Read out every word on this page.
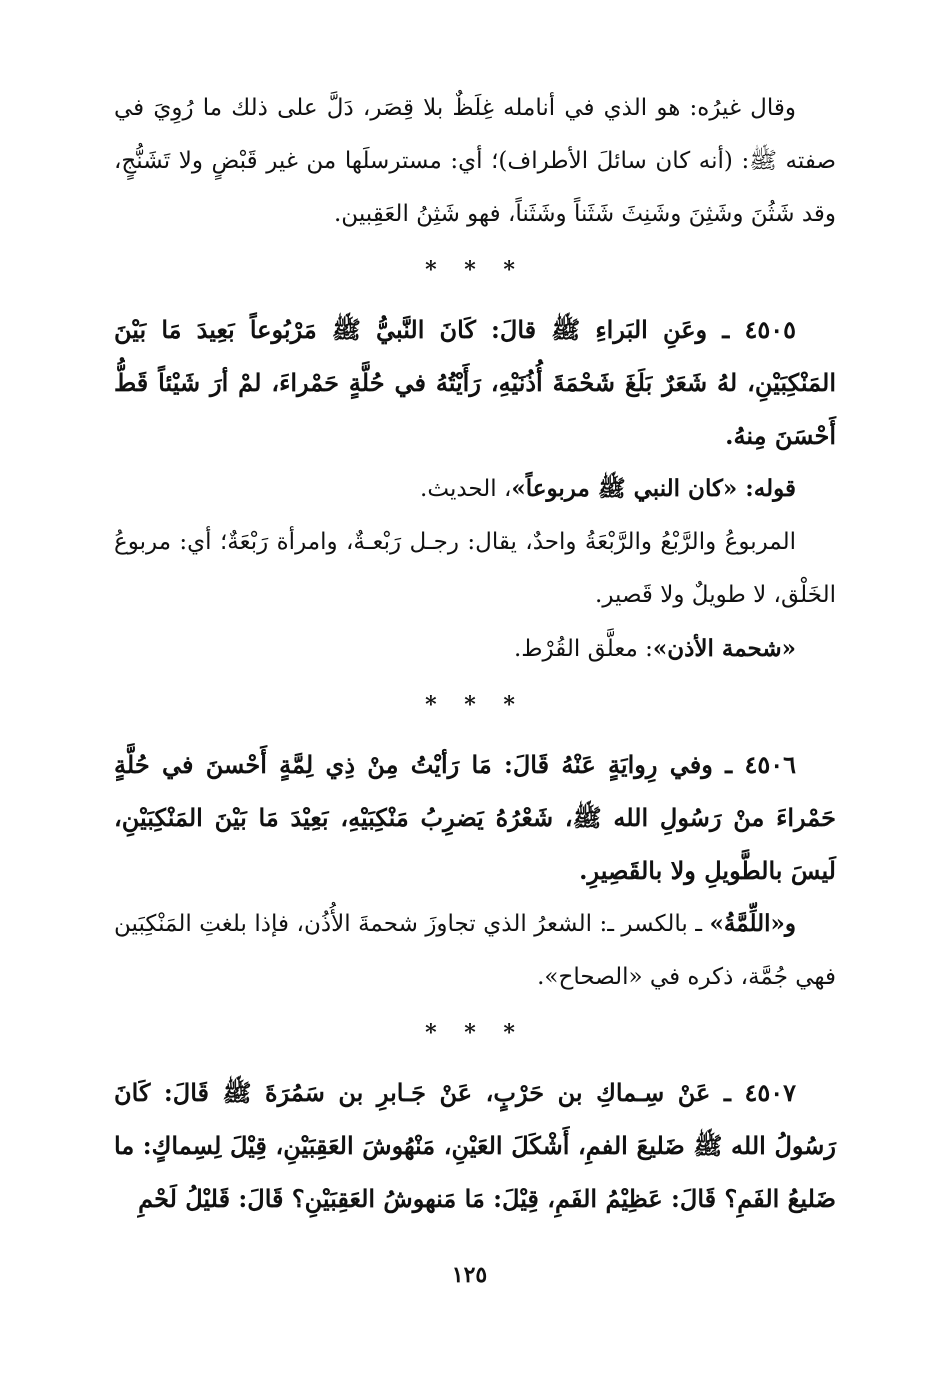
وقال غيرُه: هو الذي في أنامله غِلَظٌ بلا قِصَر، دَلَّ على ذلك ما رُوِيَ في صفته ﷺ: (أنه كان سائلَ الأطراف)؛ أي: مسترسلَها من غير قَبْضٍ ولا تَشَنُّجٍ، وقد شَثُنَ وشَثِنَ وشَنِثَ شَثَناً وشَثَناً، فهو شَثِنُ العَقِبين.

* * *

٤٥٠٥ ـ وعَنِ البَراءِ ﷺ قالَ: كَانَ النَّبيُّ ﷺ مَرْبُوعاً بَعِيدَ مَا بَيْنَ المَنْكِبَيْنِ، لهُ شَعَرٌ بَلَغَ شَحْمَةَ أُذُنَيْهِ، رَأَيْتُهُ في حُلَّةٍ حَمْراءَ، لمْ أرَ شَيْئاً قَطُّ أَحْسَنَ مِنهُ.

قوله: «كان النبي ﷺ مربوعاً»، الحديث.

المربوعُ والرَّبْعُ والرَّبْعَةُ واحدٌ، يقال: رجـل رَبْعـةٌ، وامرأة رَبْعَةٌ؛ أي: مربوعُ الخَلْق، لا طويلٌ ولا قَصير.

«شحمة الأذن»: معلَّق القُرْط.

* * *

٤٥٠٦ ـ وفي رِوايَةٍ عَنْهُ قَالَ: مَا رَأيْتُ مِنْ ذِي لِمَّةٍ أَحْسنَ في حُلَّةٍ حَمْراءَ منْ رَسُولِ الله ﷺ، شَعْرُهُ يَضرِبُ مَنْكِبَيْهِ، بَعِيْدَ مَا بَيْنَ المَنْكِبَيْنِ، لَيسَ بالطَّويلِ ولا بالقَصِيرِ.

و«اللِّمَّةُ» ـ بالكسر ـ: الشعرُ الذي تجاوزَ شحمةَ الأُذُن، فإذا بلغتِ المَنْكِبَين فهي جُمَّة، ذكره في «الصحاح».

* * *

٤٥٠٧ ـ عَنْ سِـماكِ بن حَرْبٍ، عَنْ جَـابرِ بن سَمُرَةَ ﷺ قَالَ: كَانَ رَسُولُ الله ﷺ ضَليعَ الفمِ، أَشْكَلَ العَيْنِ، مَنْهُوشَ العَقِبَيْنِ، قِيْلَ لِسِماكٍ: ما ضَليعُ الفَمِ؟ قَالَ: عَظِيْمُ الفَمِ، قِيْلَ: مَا مَنهوشُ العَقِبَيْنِ؟ قَالَ: قَليْلُ لَحْمِ

١٢٥
